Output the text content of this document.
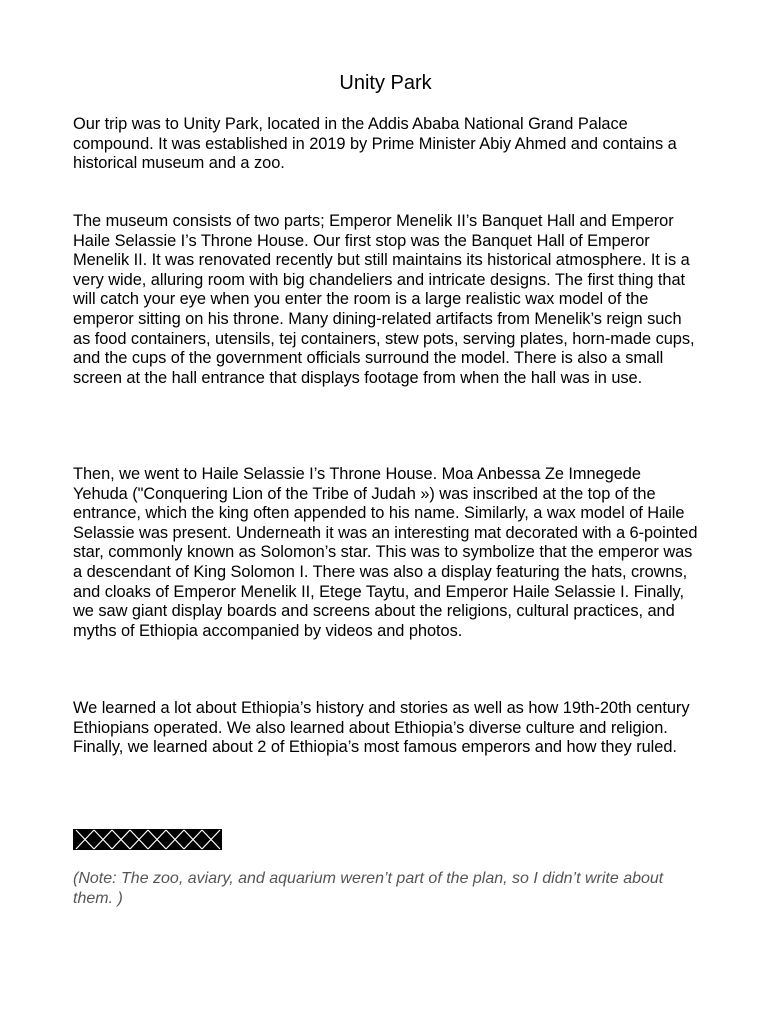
Unity Park

Our trip was to Unity Park, located in the Addis Ababa National Grand Palace compound. It was established in 2019 by Prime Minister Abiy Ahmed and contains a historical museum and a zoo.

The museum consists of two parts; Emperor Menelik II’s Banquet Hall and Emperor Haile Selassie I’s Throne House. Our first stop was the Banquet Hall of Emperor Menelik II. It was renovated recently but still maintains its historical atmosphere. It is a very wide, alluring room with big chandeliers and intricate designs. The first thing that will catch your eye when you enter the room is a large realistic wax model of the emperor sitting on his throne. Many dining-related artifacts from Menelik’s reign such as food containers, utensils, tej containers, stew pots, serving plates, horn-made cups, and the cups of the government officials surround the model. There is also a small screen at the hall entrance that displays footage from when the hall was in use.

Then, we went to Haile Selassie I’s Throne House. Moa Anbessa Ze Imnegede Yehuda ("Conquering Lion of the Tribe of Judah ») was inscribed at the top of the entrance, which the king often appended to his name. Similarly, a wax model of Haile Selassie was present. Underneath it was an interesting mat decorated with a 6-pointed star, commonly known as Solomon’s star. This was to symbolize that the emperor was a descendant of King Solomon I. There was also a display featuring the hats, crowns, and cloaks of Emperor Menelik II, Etege Taytu, and Emperor Haile Selassie I. Finally, we saw giant display boards and screens about the religions, cultural practices, and myths of Ethiopia accompanied by videos and photos.

We learned a lot about Ethiopia’s history and stories as well as how 19th-20th century Ethiopians operated. We also learned about Ethiopia’s diverse culture and religion. Finally, we learned about 2 of Ethiopia’s most famous emperors and how they ruled.

(Note: The zoo, aviary, and aquarium weren’t part of the plan, so I didn’t write about them. )
